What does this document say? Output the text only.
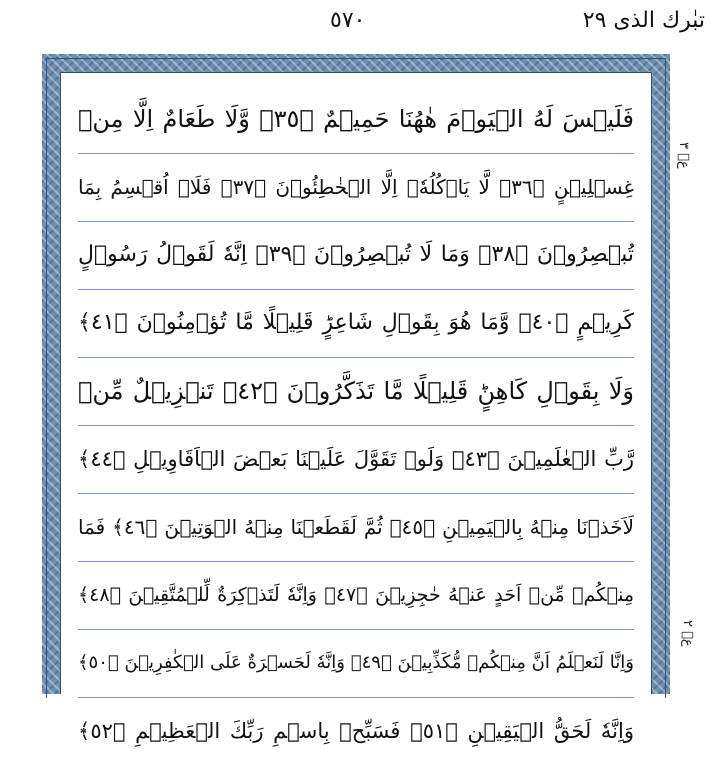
تبٰرك الذى ٢٩
٥٧٠
فَلَيۡسَ لَهُ الۡيَوۡمَ هٰهُنَا حَمِيۡمٌ ﴿٣٥﴾ وَّلَا طَعَامٌ اِلَّا مِنۡ
غِسۡلِيۡنٍ ﴿٣٦﴾ لَّا يَاۡكُلُهٗۤ اِلَّا الۡخٰطِئُوۡنَ ﴿٣٧﴾ فَلَاۤ اُقۡسِمُ بِمَا
تُبۡصِرُوۡنَ ﴿٣٨﴾ وَمَا لَا تُبۡصِرُوۡنَ ﴿٣٩﴾ اِنَّهٗ لَقَوۡلُ رَسُوۡلٍ
كَرِيۡمٍ ﴿٤٠﴾ وَّمَا هُوَ بِقَوۡلِ شَاعِرٍؕ قَلِيۡلًا مَّا تُؤۡمِنُوۡنَ ﴿٤١﴾
وَلَا بِقَوۡلِ كَاهِنٍؕ قَلِيۡلًا مَّا تَذَكَّرُوۡنَ ﴿٤٢﴾ تَنۡزِيۡلٌ مِّنۡ
رَّبِّ الۡعٰلَمِيۡنَ ﴿٤٣﴾ وَلَوۡ تَقَوَّلَ عَلَيۡنَا بَعۡضَ الۡاَقَاوِيۡلِ ﴿٤٤﴾
لَاَخَذۡنَا مِنۡهُ بِالۡيَمِيۡنِ ﴿٤٥﴾ ثُمَّ لَقَطَعۡنَا مِنۡهُ الۡوَتِيۡنَ ﴿٤٦﴾ فَمَا
مِنۡكُمۡ مِّنۡ اَحَدٍ عَنۡهُ حٰجِزِيۡنَ ﴿٤٧﴾ وَاِنَّهٗ لَتَذۡكِرَةٌ لِّلۡمُتَّقِيۡنَ ﴿٤٨﴾
وَاِنَّا لَنَعۡلَمُ اَنَّ مِنۡكُمۡ مُّكَذِّبِيۡنَ ﴿٤٩﴾ وَاِنَّهٗ لَحَسۡرَةٌ عَلَى الۡكٰفِرِيۡنَ ﴿٥٠﴾
وَاِنَّهٗ لَحَقُّ الۡيَقِيۡنِ ﴿٥١﴾ فَسَبِّحۡ بِاسۡمِ رَبِّكَ الۡعَظِيۡمِ ﴿٥٢﴾
عٖ ٣
عٖ ٢
